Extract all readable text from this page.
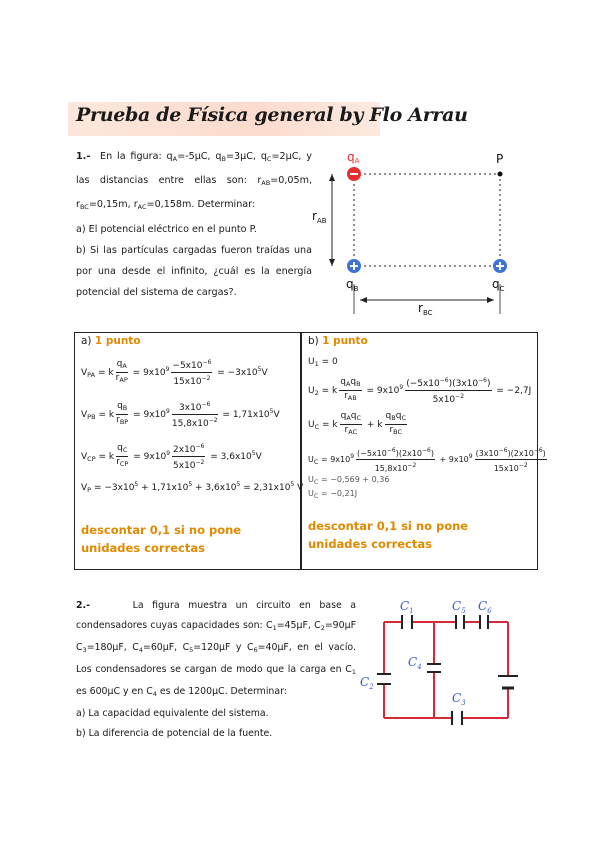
Prueba de Física general by Flo Arrau
1.- En la figura: $q_A=-5\mu C$, $q_B=3\mu C$, $q_C=2\mu C$, y las distancias entre ellas son: $r_{AB}=0,05m$, $r_{BC}=0,15m$, $r_{AC}=0,158m$. Determinar:
a) El potencial eléctrico en el punto P.
b) Si las partículas cargadas fueron traídas una por una desde el infinito, ¿cuál es la energía potencial del sistema de cargas?.
qA	P
$r_{AB}$
$q_B$	$q_C$
$r_{BC}$
a) 1 punto
$V_{PA} = k \frac{q_A}{r_{AP}} = 9x10^9 \frac{-5x10^{-6}}{15x10^{-2}} = -3x10^5V$
$V_{PB} = k \frac{q_B}{r_{BP}} = 9x10^9 \frac{3x10^{-6}}{15,8x10^{-2}} = 1,71x10^5V$
$V_{CP} = k \frac{q_C}{r_{CP}} = 9x10^9 \frac{2x10^{-6}}{5x10^{-2}} = 3,6x10^5V$
$V_P = -3x10^5 + 1,71x10^5 + 3,6x10^5 = 2,31x10^5$ V
descontar 0,1 si no pone unidades correctas
b) 1 punto
$U_1 = 0$
$U_2 = k \frac{q_Aq_B}{r_{AB}} = 9x10^9 \frac{(-5x10^{-6})(3x10^{-6})}{5x10^{-2}} = -2,7J$
$U_C = k \frac{q_Aq_C}{r_{AC}} + k \frac{q_Bq_C}{r_{BC}}$
$U_C = 9x10^9 \frac{(-5x10^{-6})(2x10^{-6})}{15,8x10^{-2}} + 9x10^9 \frac{(3x10^{-6})(2x10^{-6})}{15x10^{-2}}$
$U_C = -0,569 + 0,36$
$U_C = -0,21J$
descontar 0,1 si no pone unidades correctas
2.-	La figura muestra un circuito en base a condensadores cuyas capacidades son: $C_1=45\mu F$, $C_2=90\mu F$ $C_3=180\mu F$, $C_4=60\mu F$, $C_5=120\mu F$ y $C_6=40\mu F$, en el vacío. Los condensadores se cargan de modo que la carga en $C_1$ es 600μC y en $C_4$ es de 1200μC. Determinar:
a) La capacidad equivalente del sistema.
b) La diferencia de potencial de la fuente.
$C_1$	$C_5$ $C_6$
$C_4$
$C_2$
$C_3$
